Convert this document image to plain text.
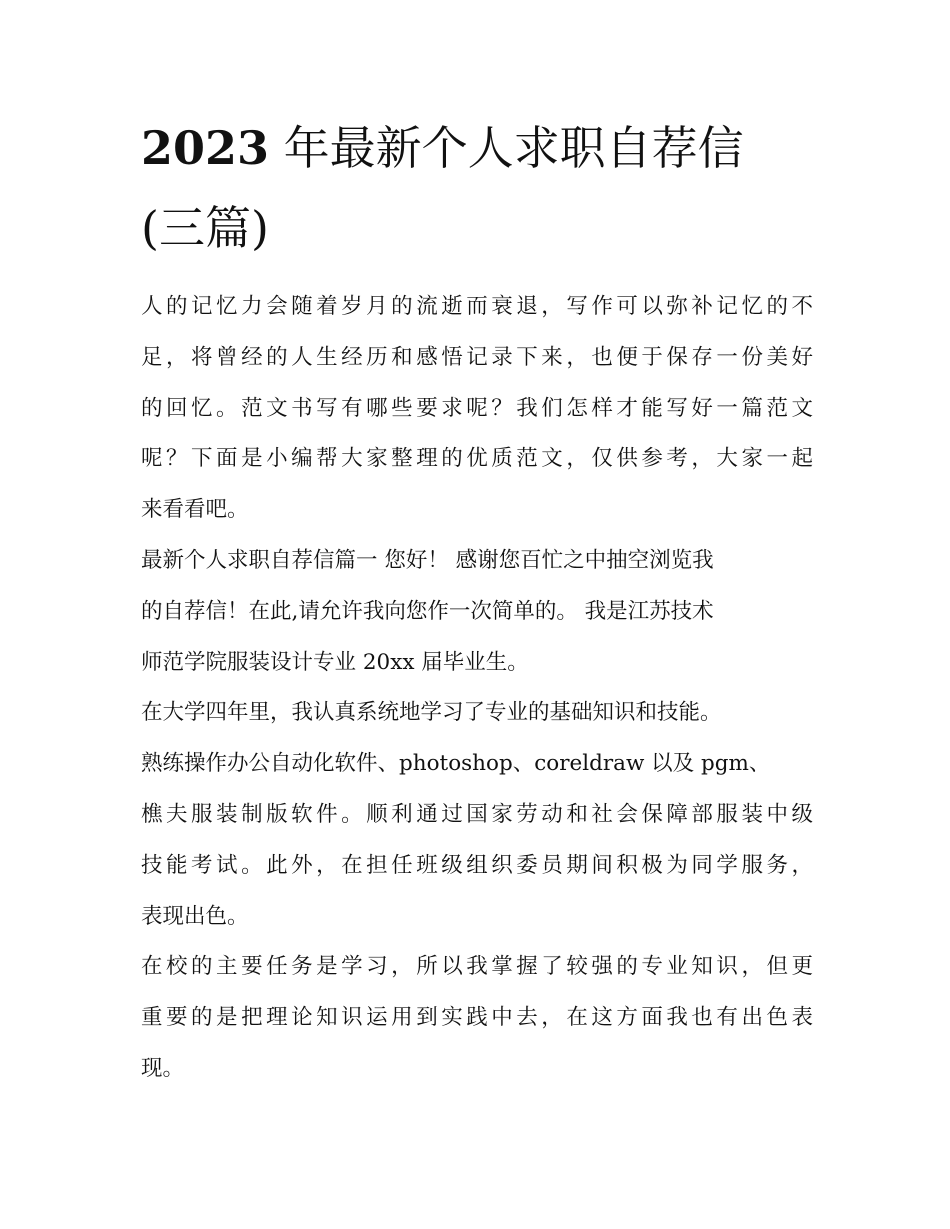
2023 年最新个人求职自荐信
(三篇)

人的记忆力会随着岁月的流逝而衰退，写作可以弥补记忆的不
足，将曾经的人生经历和感悟记录下来，也便于保存一份美好
的回忆。范文书写有哪些要求呢？我们怎样才能写好一篇范文
呢？下面是小编帮大家整理的优质范文，仅供参考，大家一起
来看看吧。

最新个人求职自荐信篇一 您好！ 感谢您百忙之中抽空浏览我
的自荐信！在此,请允许我向您作一次简单的。 我是江苏技术
师范学院服装设计专业 20xx 届毕业生。

在大学四年里，我认真系统地学习了专业的基础知识和技能。
熟练操作办公自动化软件、photoshop、coreldraw 以及 pgm、
樵夫服装制版软件。顺利通过国家劳动和社会保障部服装中级
技能考试。此外，在担任班级组织委员期间积极为同学服务，
表现出色。

在校的主要任务是学习，所以我掌握了较强的专业知识，但更
重要的是把理论知识运用到实践中去，在这方面我也有出色表
现。
